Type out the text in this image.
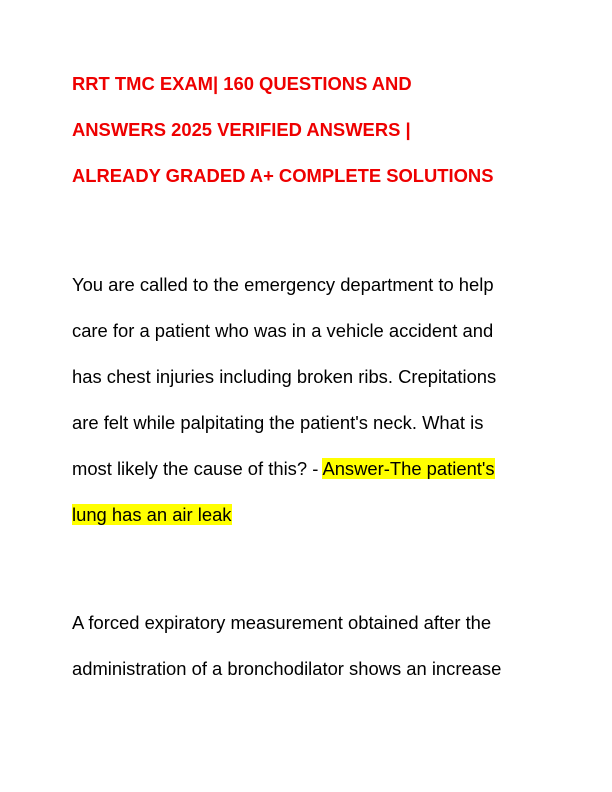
RRT TMC EXAM| 160 QUESTIONS AND
ANSWERS 2025 VERIFIED ANSWERS |
ALREADY GRADED A+ COMPLETE SOLUTIONS
You are called to the emergency department to help
care for a patient who was in a vehicle accident and
has chest injuries including broken ribs. Crepitations
are felt while palpitating the patient's neck. What is
most likely the cause of this? - Answer-The patient's
lung has an air leak
A forced expiratory measurement obtained after the
administration of a bronchodilator shows an increase
